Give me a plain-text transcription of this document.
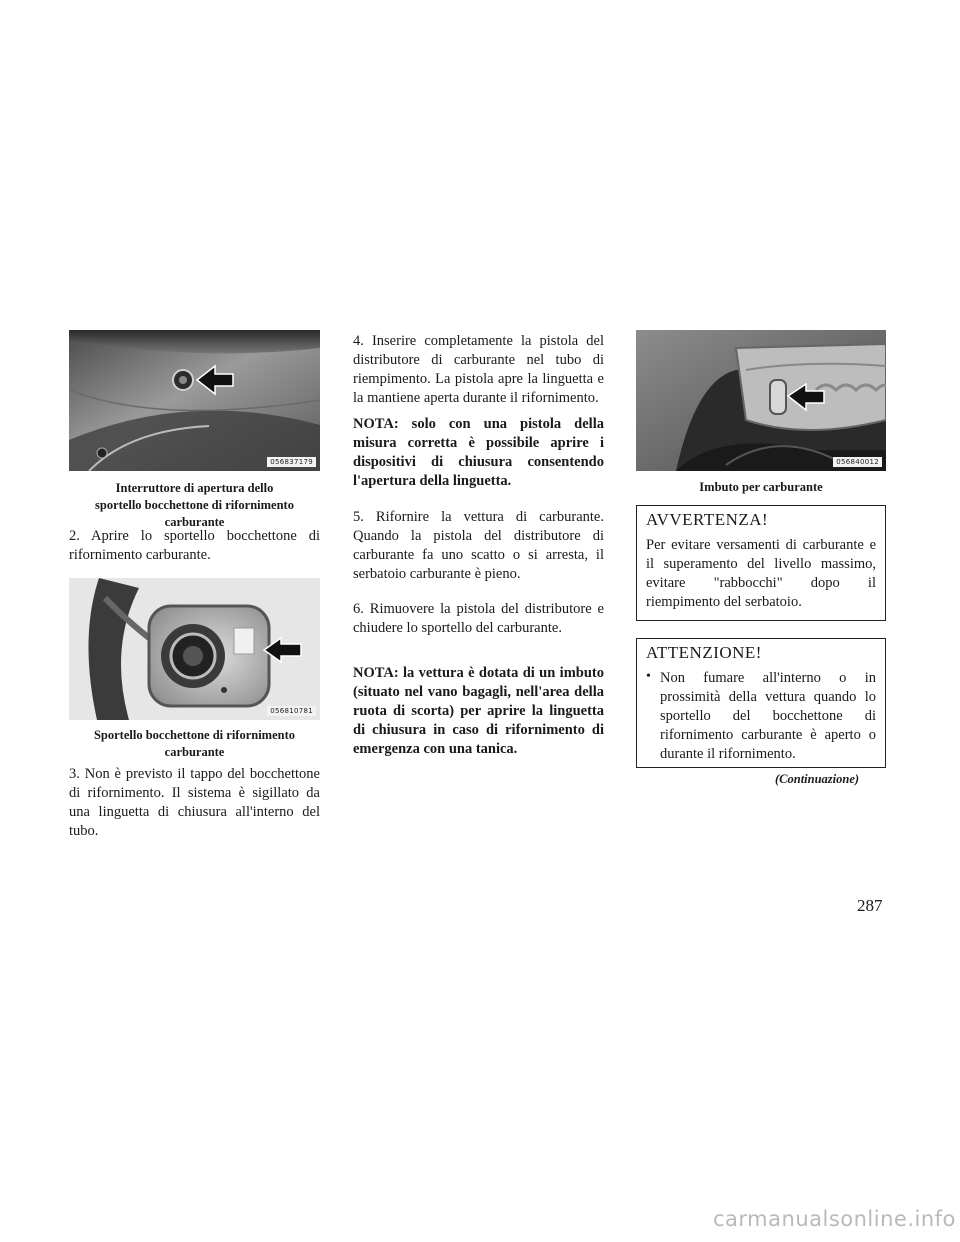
056837179
Interruttore di apertura dello
sportello bocchettone di rifornimento
carburante

2. Aprire lo sportello bocchettone di rifornimento carburante.

056810781
Sportello bocchettone di rifornimento
carburante

3. Non è previsto il tappo del bocchettone di rifornimento. Il sistema è sigillato da una linguetta di chiusura all'interno del tubo.

4. Inserire completamente la pistola del distributore di carburante nel tubo di riempimento. La pistola apre la linguetta e la mantiene aperta durante il rifornimento.

NOTA: solo con una pistola della misura corretta è possibile aprire i dispositivi di chiusura consentendo l'apertura della linguetta.

5. Rifornire la vettura di carburante. Quando la pistola del distributore di carburante fa uno scatto o si arresta, il serbatoio carburante è pieno.

6. Rimuovere la pistola del distributore e chiudere lo sportello del carburante.

NOTA: la vettura è dotata di un imbuto (situato nel vano bagagli, nell'area della ruota di scorta) per aprire la linguetta di chiusura in caso di rifornimento di emergenza con una tanica.

056840012
Imbuto per carburante

AVVERTENZA!

Per evitare versamenti di carburante e il superamento del livello massimo, evitare "rabbocchi" dopo il riempimento del serbatoio.

ATTENZIONE!

• Non fumare all'interno o in prossimità della vettura quando lo sportello del bocchettone di rifornimento carburante è aperto o durante il rifornimento.

(Continuazione)
287
carmanualsonline.info
